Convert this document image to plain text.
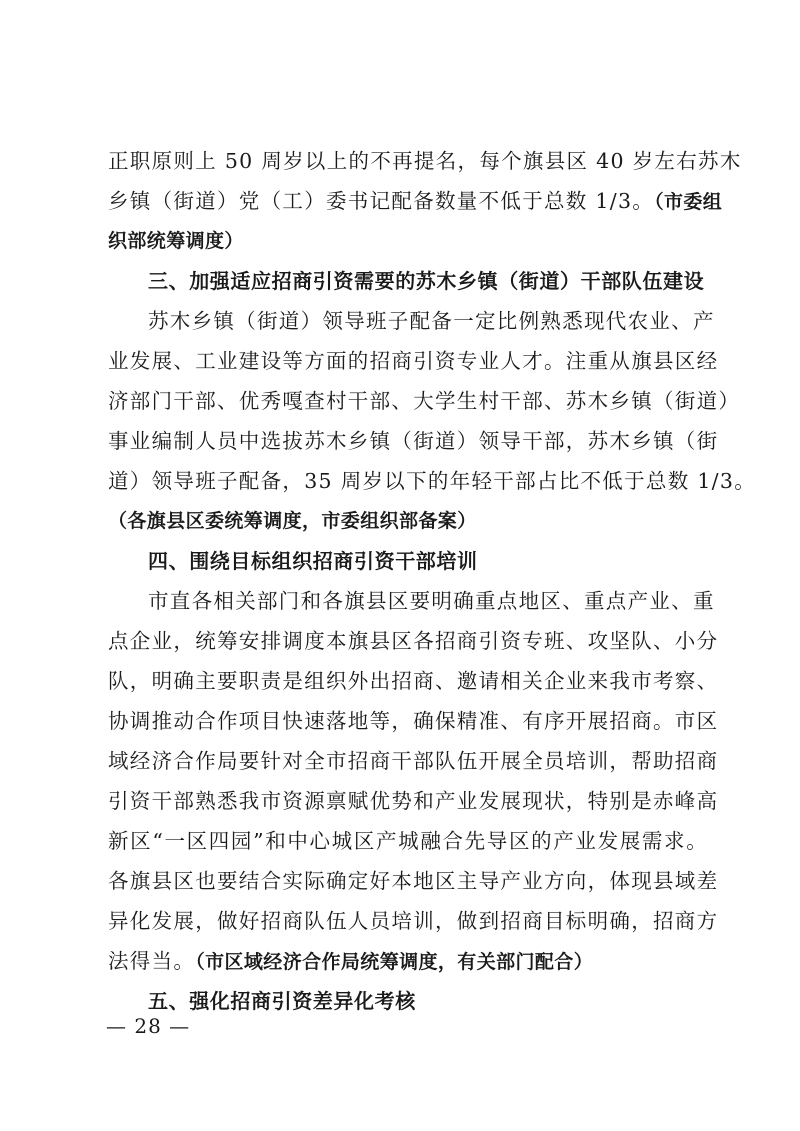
正职原则上 50 周岁以上的不再提名，每个旗县区 40 岁左右苏木
乡镇（街道）党（工）委书记配备数量不低于总数 1/3。（市委组
织部统筹调度）
三、加强适应招商引资需要的苏木乡镇（街道）干部队伍建设
苏木乡镇（街道）领导班子配备一定比例熟悉现代农业、产
业发展、工业建设等方面的招商引资专业人才。注重从旗县区经
济部门干部、优秀嘎查村干部、大学生村干部、苏木乡镇（街道）
事业编制人员中选拔苏木乡镇（街道）领导干部，苏木乡镇（街
道）领导班子配备，35 周岁以下的年轻干部占比不低于总数 1/3。
（各旗县区委统筹调度，市委组织部备案）
四、围绕目标组织招商引资干部培训
市直各相关部门和各旗县区要明确重点地区、重点产业、重
点企业，统筹安排调度本旗县区各招商引资专班、攻坚队、小分
队，明确主要职责是组织外出招商、邀请相关企业来我市考察、
协调推动合作项目快速落地等，确保精准、有序开展招商。市区
域经济合作局要针对全市招商干部队伍开展全员培训，帮助招商
引资干部熟悉我市资源禀赋优势和产业发展现状，特别是赤峰高
新区“一区四园”和中心城区产城融合先导区的产业发展需求。
各旗县区也要结合实际确定好本地区主导产业方向，体现县域差
异化发展，做好招商队伍人员培训，做到招商目标明确，招商方
法得当。（市区域经济合作局统筹调度，有关部门配合）
五、强化招商引资差异化考核
— 28 —
